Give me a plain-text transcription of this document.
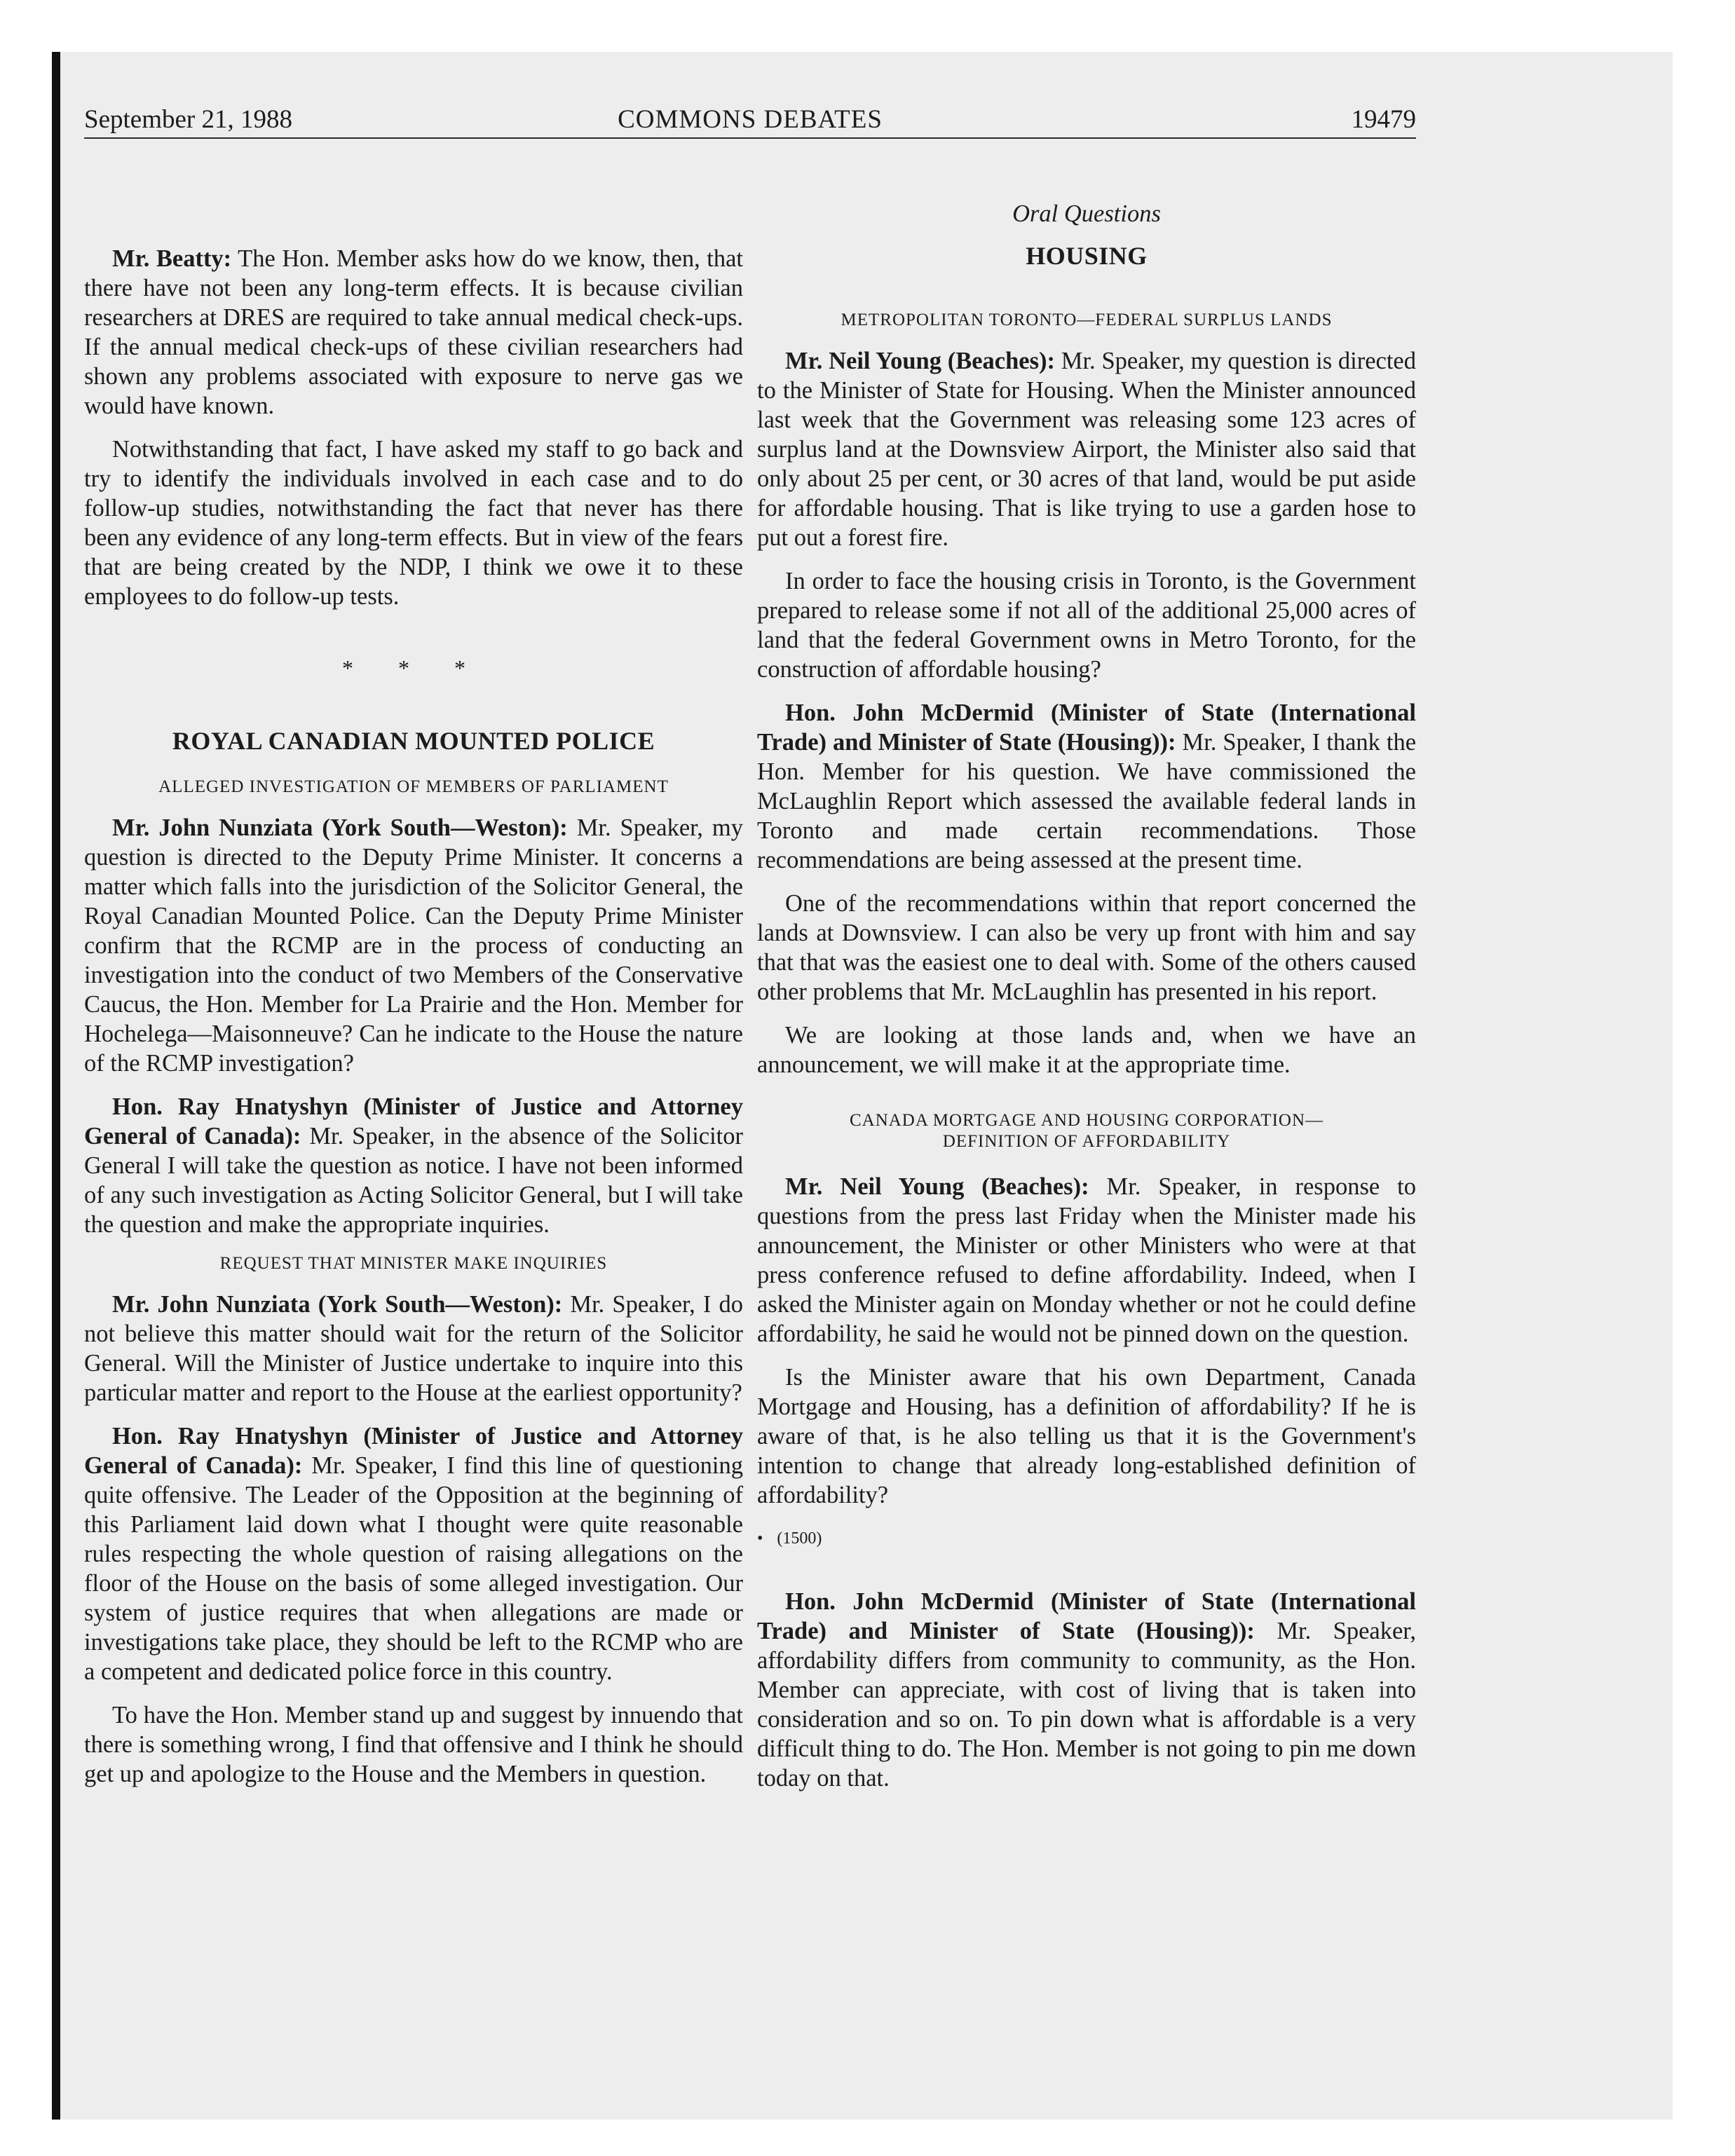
September 21, 1988	COMMONS DEBATES	19479

Mr. Beatty: The Hon. Member asks how do we know, then, that there have not been any long-term effects. It is because civilian researchers at DRES are required to take annual medical check-ups. If the annual medical check-ups of these civilian researchers had shown any problems associated with exposure to nerve gas we would have known.

Notwithstanding that fact, I have asked my staff to go back and try to identify the individuals involved in each case and to do follow-up studies, notwithstanding the fact that never has there been any evidence of any long-term effects. But in view of the fears that are being created by the NDP, I think we owe it to these employees to do follow-up tests.

* * *
ROYAL CANADIAN MOUNTED POLICE
ALLEGED INVESTIGATION OF MEMBERS OF PARLIAMENT

Mr. John Nunziata (York South—Weston): Mr. Speaker, my question is directed to the Deputy Prime Minister. It concerns a matter which falls into the jurisdiction of the Solicitor General, the Royal Canadian Mounted Police. Can the Deputy Prime Minister confirm that the RCMP are in the process of conducting an investigation into the conduct of two Members of the Conservative Caucus, the Hon. Member for La Prairie and the Hon. Member for Hochelega—Maisonneuve? Can he indicate to the House the nature of the RCMP investigation?

Hon. Ray Hnatyshyn (Minister of Justice and Attorney General of Canada): Mr. Speaker, in the absence of the Solicitor General I will take the question as notice. I have not been informed of any such investigation as Acting Solicitor General, but I will take the question and make the appropriate inquiries.

REQUEST THAT MINISTER MAKE INQUIRIES

Mr. John Nunziata (York South—Weston): Mr. Speaker, I do not believe this matter should wait for the return of the Solicitor General. Will the Minister of Justice undertake to inquire into this particular matter and report to the House at the earliest opportunity?

Hon. Ray Hnatyshyn (Minister of Justice and Attorney General of Canada): Mr. Speaker, I find this line of questioning quite offensive. The Leader of the Opposition at the beginning of this Parliament laid down what I thought were quite reasonable rules respecting the whole question of raising allegations on the floor of the House on the basis of some alleged investigation. Our system of justice requires that when allegations are made or investigations take place, they should be left to the RCMP who are a competent and dedicated police force in this country.

To have the Hon. Member stand up and suggest by innuendo that there is something wrong, I find that offensive and I think he should get up and apologize to the House and the Members in question.

Oral Questions
HOUSING
METROPOLITAN TORONTO—FEDERAL SURPLUS LANDS

Mr. Neil Young (Beaches): Mr. Speaker, my question is directed to the Minister of State for Housing. When the Minister announced last week that the Government was releasing some 123 acres of surplus land at the Downsview Airport, the Minister also said that only about 25 per cent, or 30 acres of that land, would be put aside for affordable housing. That is like trying to use a garden hose to put out a forest fire.

In order to face the housing crisis in Toronto, is the Government prepared to release some if not all of the additional 25,000 acres of land that the federal Government owns in Metro Toronto, for the construction of affordable housing?

Hon. John McDermid (Minister of State (International Trade) and Minister of State (Housing)): Mr. Speaker, I thank the Hon. Member for his question. We have commissioned the McLaughlin Report which assessed the available federal lands in Toronto and made certain recommendations. Those recommendations are being assessed at the present time.

One of the recommendations within that report concerned the lands at Downsview. I can also be very up front with him and say that that was the easiest one to deal with. Some of the others caused other problems that Mr. McLaughlin has presented in his report.

We are looking at those lands and, when we have an announcement, we will make it at the appropriate time.

CANADA MORTGAGE AND HOUSING CORPORATION—
DEFINITION OF AFFORDABILITY

Mr. Neil Young (Beaches): Mr. Speaker, in response to questions from the press last Friday when the Minister made his announcement, the Minister or other Ministers who were at that press conference refused to define affordability. Indeed, when I asked the Minister again on Monday whether or not he could define affordability, he said he would not be pinned down on the question.

Is the Minister aware that his own Department, Canada Mortgage and Housing, has a definition of affordability? If he is aware of that, is he also telling us that it is the Government's intention to change that already long-established definition of affordability?

• (1500)

Hon. John McDermid (Minister of State (International Trade) and Minister of State (Housing)): Mr. Speaker, affordability differs from community to community, as the Hon. Member can appreciate, with cost of living that is taken into consideration and so on. To pin down what is affordable is a very difficult thing to do. The Hon. Member is not going to pin me down today on that.
